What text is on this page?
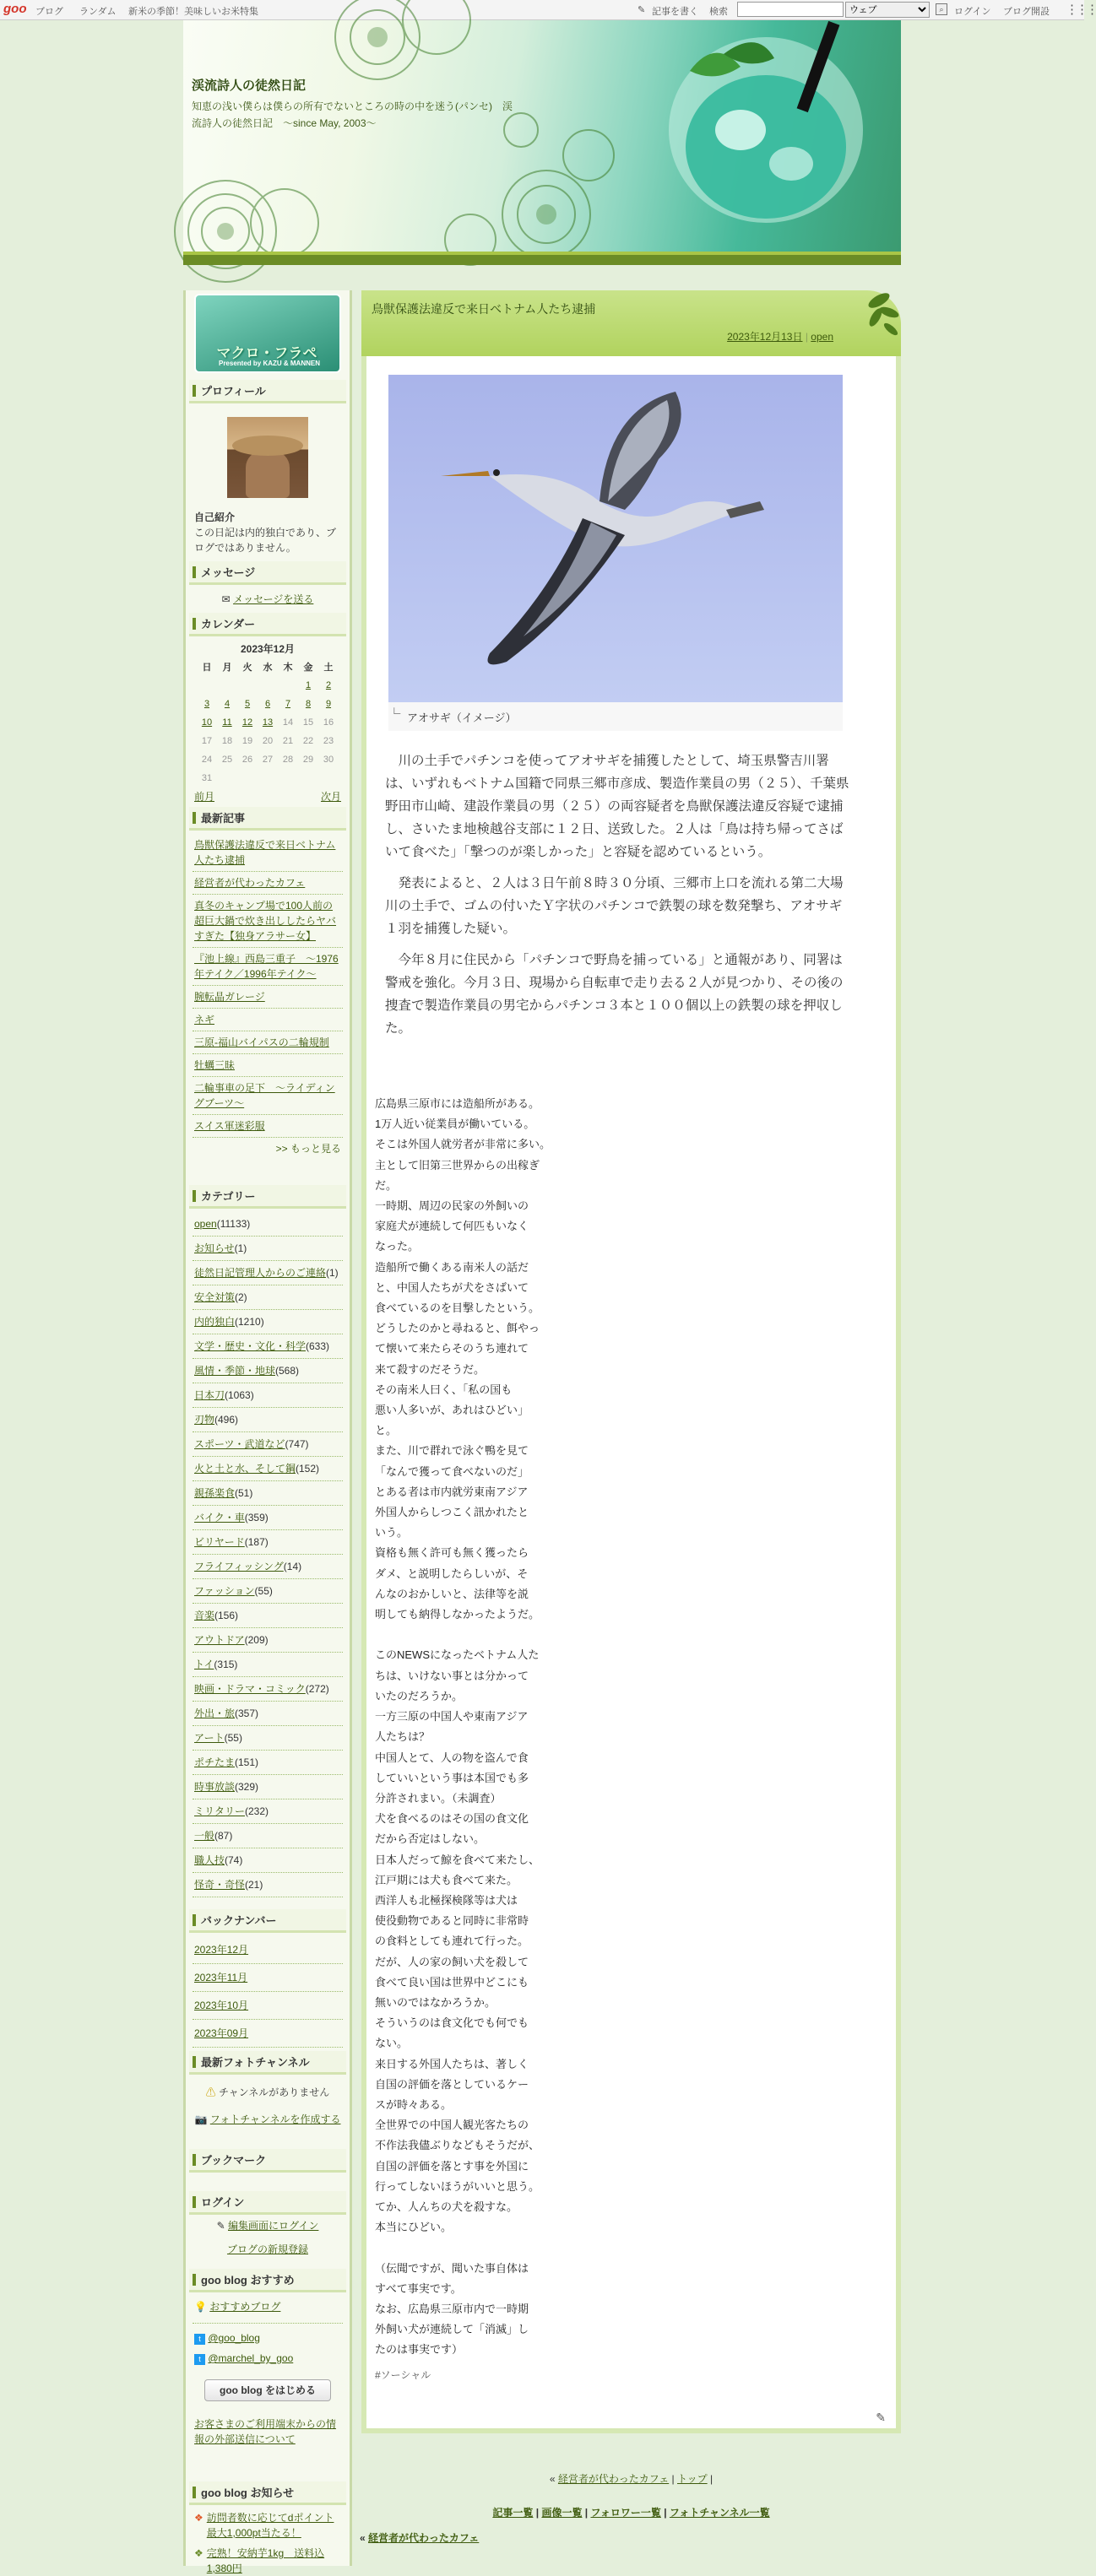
goo ブログ ランダム 新米の季節！美味しいお米特集	✎ 記事を書く 検索
ウェブ	⌕	ログイン ブログ開設 ⋮⋮⋮
渓流詩人の徒然日記
知恵の浅い僕らは僕らの所有でないところの時の中を迷う(パンセ)　渓流詩人の徒然日記　～since May, 2003～
マクロ・フラペ
Presented by KAZU & MANNEN
プロフィール
自己紹介
この日記は内的独白であり、ブログではありません。
メッセージ
✉ メッセージを送る
カレンダー
2023年12月
日	月	火	水	木	金	土
					1	2
3	4	5	6	7	8	9
10	11	12	13	14	15	16
17	18	19	20	21	22	23
24	25	26	27	28	29	30
31						
前月	次月
最新記事
鳥獣保護法違反で来日ベトナム人たち逮捕
経営者が代わったカフェ
真冬のキャンプ場で100人前の超巨大鍋で炊き出ししたらヤバすぎた【独身アラサー女】
『池上線』西島三重子　～1976年テイク／1996年テイク～
腕転晶ガレージ
ネギ
三原-福山バイパスの二輪規制
牡蠣三昧
二輪事車の足下　～ライディングブーツ～
スイス軍迷彩服
>> もっと見る
カテゴリー
open(11133)
お知らせ(1)
徒然日記管理人からのご連絡(1)
安全対策(2)
内的独白(1210)
文学・歴史・文化・科学(633)
風情・季節・地球(568)
日本刀(1063)
刃物(496)
スポーツ・武道など(747)
火と土と水、そして鋼(152)
親孫楽食(51)
バイク・車(359)
ビリヤード(187)
フライフィッシング(14)
ファッション(55)
音楽(156)
アウトドア(209)
トイ(315)
映画・ドラマ・コミック(272)
外出・旅(357)
アート(55)
ポチたま(151)
時事放談(329)
ミリタリー(232)
一般(87)
職人技(74)
怪奇・奇怪(21)
バックナンバー
2023年12月
2023年11月
2023年10月
2023年09月
最新フォトチャンネル
⚠ チャンネルがありません
📷 フォトチャンネルを作成する
ブックマーク
ログイン
✎ 編集画面にログイン
ブログの新規登録
goo blog おすすめ
💡 おすすめブログ
t @goo_blog
t @marchel_by_goo
goo blog をはじめる
お客さまのご利用端末からの情報の外部送信について
goo blog お知らせ
❖ 訪問者数に応じてdポイント最大1,000pt当たる！
❖ 完熟！安納芋1kg　送料込1,380円
鳥獣保護法違反で来日ベトナム人たち逮捕
2023年12月13日 | open
∟
アオサギ（イメージ）

川の土手でパチンコを使ってアオサギを捕獲したとして、埼玉県警吉川署は、いずれもベトナム国籍で同県三郷市彦成、製造作業員の男（２５）、千葉県野田市山崎、建設作業員の男（２５）の両容疑者を鳥獣保護法違反容疑で逮捕し、さいたま地検越谷支部に１２日、送致した。２人は「鳥は持ち帰ってさばいて食べた」「撃つのが楽しかった」と容疑を認めているという。

発表によると、２人は３日午前８時３０分頃、三郷市上口を流れる第二大場川の土手で、ゴムの付いたＹ字状のパチンコで鉄製の球を数発撃ち、アオサギ１羽を捕獲した疑い。

今年８月に住民から「パチンコで野鳥を捕っている」と通報があり、同署は警戒を強化。今月３日、現場から自転車で走り去る２人が見つかり、その後の捜査で製造作業員の男宅からパチンコ３本と１００個以上の鉄製の球を押収した。

広島県三原市には造船所がある。
1万人近い従業員が働いている。
そこは外国人就労者が非常に多い。
主として旧第三世界からの出稼ぎ
だ。
一時期、周辺の民家の外飼いの
家庭犬が連続して何匹もいなく
なった。
造船所で働くある南米人の話だ
と、中国人たちが犬をさばいて
食べているのを目撃したという。
どうしたのかと尋ねると、餌やっ
て懐いて来たらそのうち連れて
来て殺すのだそうだ。
その南米人曰く、「私の国も
悪い人多いが、あれはひどい」
と。
また、川で群れで泳ぐ鴨を見て
「なんで獲って食べないのだ」
とある者は市内就労東南アジア
外国人からしつこく訊かれたと
いう。
資格も無く許可も無く獲ったら
ダメ、と説明したらしいが、そ
んなのおかしいと、法律等を説
明しても納得しなかったようだ。

このNEWSになったベトナム人た
ちは、いけない事とは分かって
いたのだろうか。
一方三原の中国人や東南アジア
人たちは？
中国人とて、人の物を盗んで食
していいという事は本国でも多
分許されまい。（未調査）
犬を食べるのはその国の食文化
だから否定はしない。
日本人だって鯨を食べて来たし、
江戸期には犬も食べて来た。
西洋人も北極探検隊等は犬は
使役動物であると同時に非常時
の食料としても連れて行った。
だが、人の家の飼い犬を殺して
食べて良い国は世界中どこにも
無いのではなかろうか。
そういうのは食文化でも何でも
ない。
来日する外国人たちは、著しく
自国の評価を落としているケー
スが時々ある。
全世界での中国人観光客たちの
不作法我儘ぶりなどもそうだが、
自国の評価を落とす事を外国に
行ってしないほうがいいと思う。
てか、人んちの犬を殺すな。
本当にひどい。

（伝聞ですが、聞いた事自体は
すべて事実です。
なお、広島県三原市内で一時期
外飼い犬が連続して「消滅」し
たのは事実です）
#ソーシャル
✎
« 経営者が代わったカフェ | トップ |
記事一覧 | 画像一覧 | フォロワー一覧 | フォトチャンネル一覧
« 経営者が代わったカフェ
